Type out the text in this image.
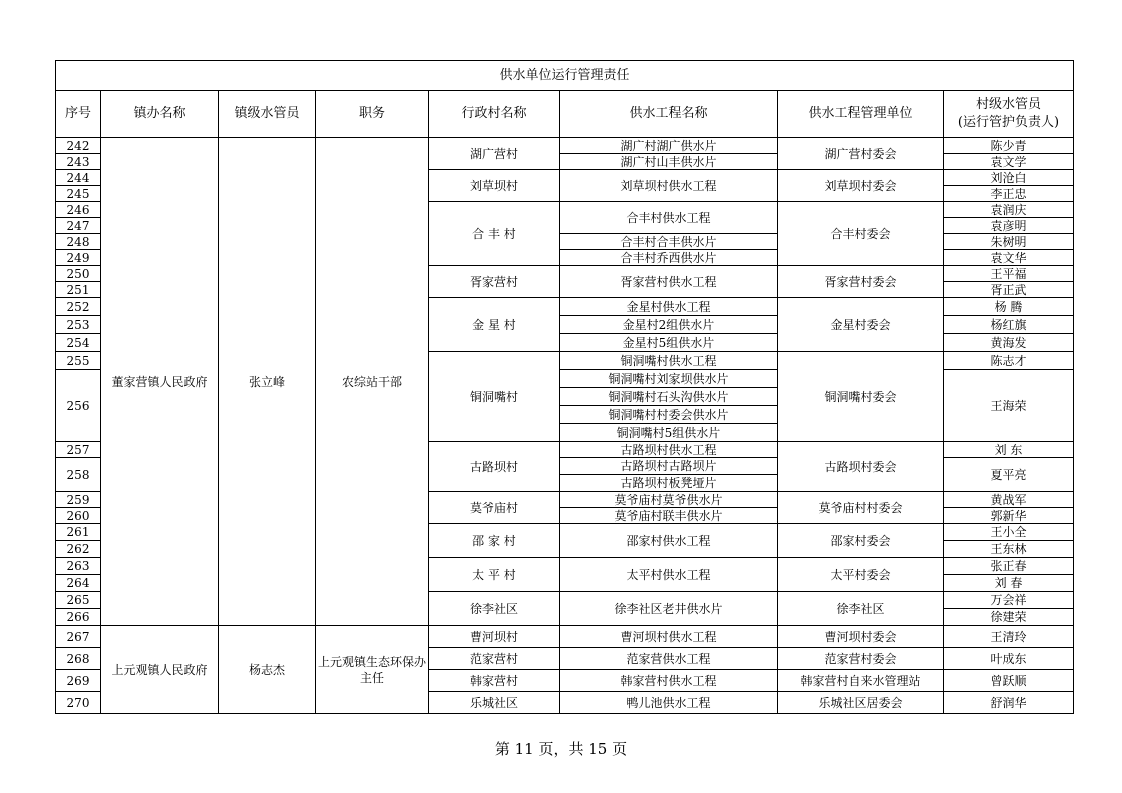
供水单位运行管理责任							
序号	镇办名称	镇级水管员	职务	行政村名称	供水工程名称	供水工程管理单位	村级水管员
(运行管护负责人)
242	董家营镇人民政府	张立峰	农综站干部	湖广营村	湖广村湖广供水片	湖广营村委会	陈少青
243					湖广村山丰供水片		袁文学
244				刘草坝村	刘草坝村供水工程	刘草坝村委会	刘沧白
245							李正忠
246				合 丰 村	合丰村供水工程	合丰村委会	袁润庆
247							袁彦明
248					合丰村合丰供水片		朱树明
249					合丰村乔西供水片		袁文华
250				胥家营村	胥家营村供水工程	胥家营村委会	王平福
251							胥正武
252				金 星 村	金星村供水工程	金星村委会	杨 腾
253					金星村2组供水片		杨红旗
254					金星村5组供水片		黄海发
255				铜洞嘴村	铜洞嘴村供水工程	铜洞嘴村委会	陈志才
256					铜洞嘴村刘家坝供水片		王海荣
					铜洞嘴村石头沟供水片		
					铜洞嘴村村委会供水片		
					铜洞嘴村5组供水片		
257				古路坝村	古路坝村供水工程	古路坝村委会	刘 东
258					古路坝村古路坝片		夏平亮
					古路坝村板凳垭片		
259				莫爷庙村	莫爷庙村莫爷供水片	莫爷庙村村委会	黄战军
260					莫爷庙村联丰供水片		郭新华
261				邵 家 村	邵家村供水工程	邵家村委会	王小全
262							王东林
263				太 平 村	太平村供水工程	太平村委会	张正春
264							刘 春
265				徐李社区	徐李社区老井供水片	徐李社区	万会祥
266							徐建荣
267	上元观镇人民政府	杨志杰	上元观镇生态环保办主任	曹河坝村	曹河坝村供水工程	曹河坝村委会	王清玲
268				范家营村	范家营供水工程	范家营村委会	叶成东
269				韩家营村	韩家营村供水工程	韩家营村自来水管理站	曾跃顺
270				乐城社区	鸭儿池供水工程	乐城社区居委会	舒润华
第 11 页，共 15 页
